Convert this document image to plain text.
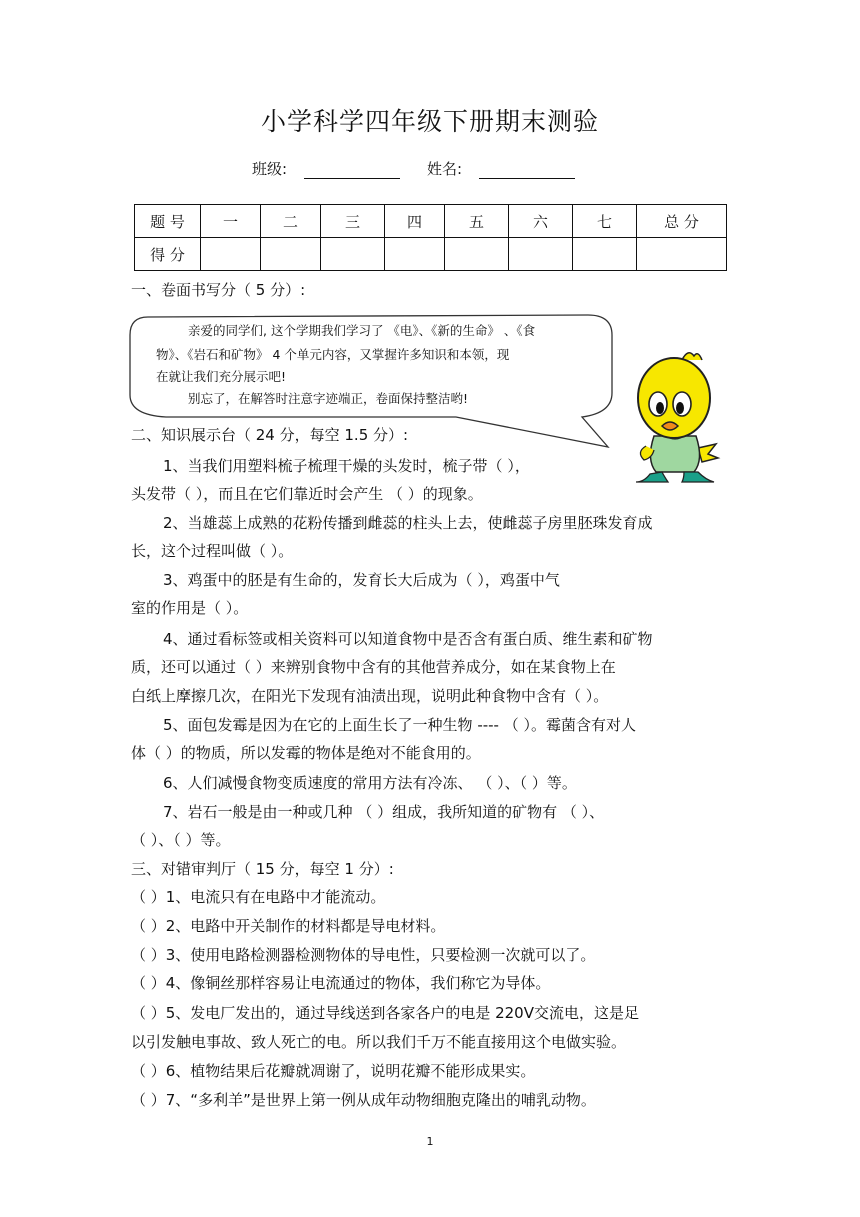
小学科学四年级下册期末测验
班级:	姓名:
题 号	一	二	三	四	五	六	七	总 分
得 分								
一、卷面书写分（ 5 分）:
亲爱的同学们, 这个学期我们学习了 《电》、《新的生命》 、《食
物》、《岩石和矿物》 4 个单元内容，又掌握许多知识和本领，现
在就让我们充分展示吧!
别忘了，在解答时注意字迹端正，卷面保持整洁哟!
二、知识展示台（ 24 分，每空 1.5 分）:
1、当我们用塑料梳子梳理干燥的头发时，梳子带（ ），
头发带（ ），而且在它们靠近时会产生 （ ）的现象。
2、当雄蕊上成熟的花粉传播到雌蕊的柱头上去，使雌蕊子房里胚珠发育成
长，这个过程叫做（ ）。
3、鸡蛋中的胚是有生命的，发育长大后成为（ ），鸡蛋中气
室的作用是（ ）。
4、通过看标签或相关资料可以知道食物中是否含有蛋白质、维生素和矿物
质，还可以通过（ ）来辨别食物中含有的其他营养成分，如在某食物上在
白纸上摩擦几次，在阳光下发现有油渍出现，说明此种食物中含有（ ）。
5、面包发霉是因为在它的上面生长了一种生物 ---- （ ）。霉菌含有对人
体（ ）的物质，所以发霉的物体是绝对不能食用的。
6、人们减慢食物变质速度的常用方法有冷冻、 （ ）、（ ）等。
7、岩石一般是由一种或几种 （ ）组成，我所知道的矿物有 （ ）、
（ ）、（ ）等。
三、对错审判厅（ 15 分，每空 1 分）:
（ ）1、电流只有在电路中才能流动。
（ ）2、电路中开关制作的材料都是导电材料。
（ ）3、使用电路检测器检测物体的导电性，只要检测一次就可以了。
（ ）4、像铜丝那样容易让电流通过的物体，我们称它为导体。
（ ）5、发电厂发出的，通过导线送到各家各户的电是 220V交流电，这是足
以引发触电事故、致人死亡的电。所以我们千万不能直接用这个电做实验。
（ ）6、植物结果后花瓣就凋谢了，说明花瓣不能形成果实。
（ ）7、“多利羊”是世界上第一例从成年动物细胞克隆出的哺乳动物。
1
